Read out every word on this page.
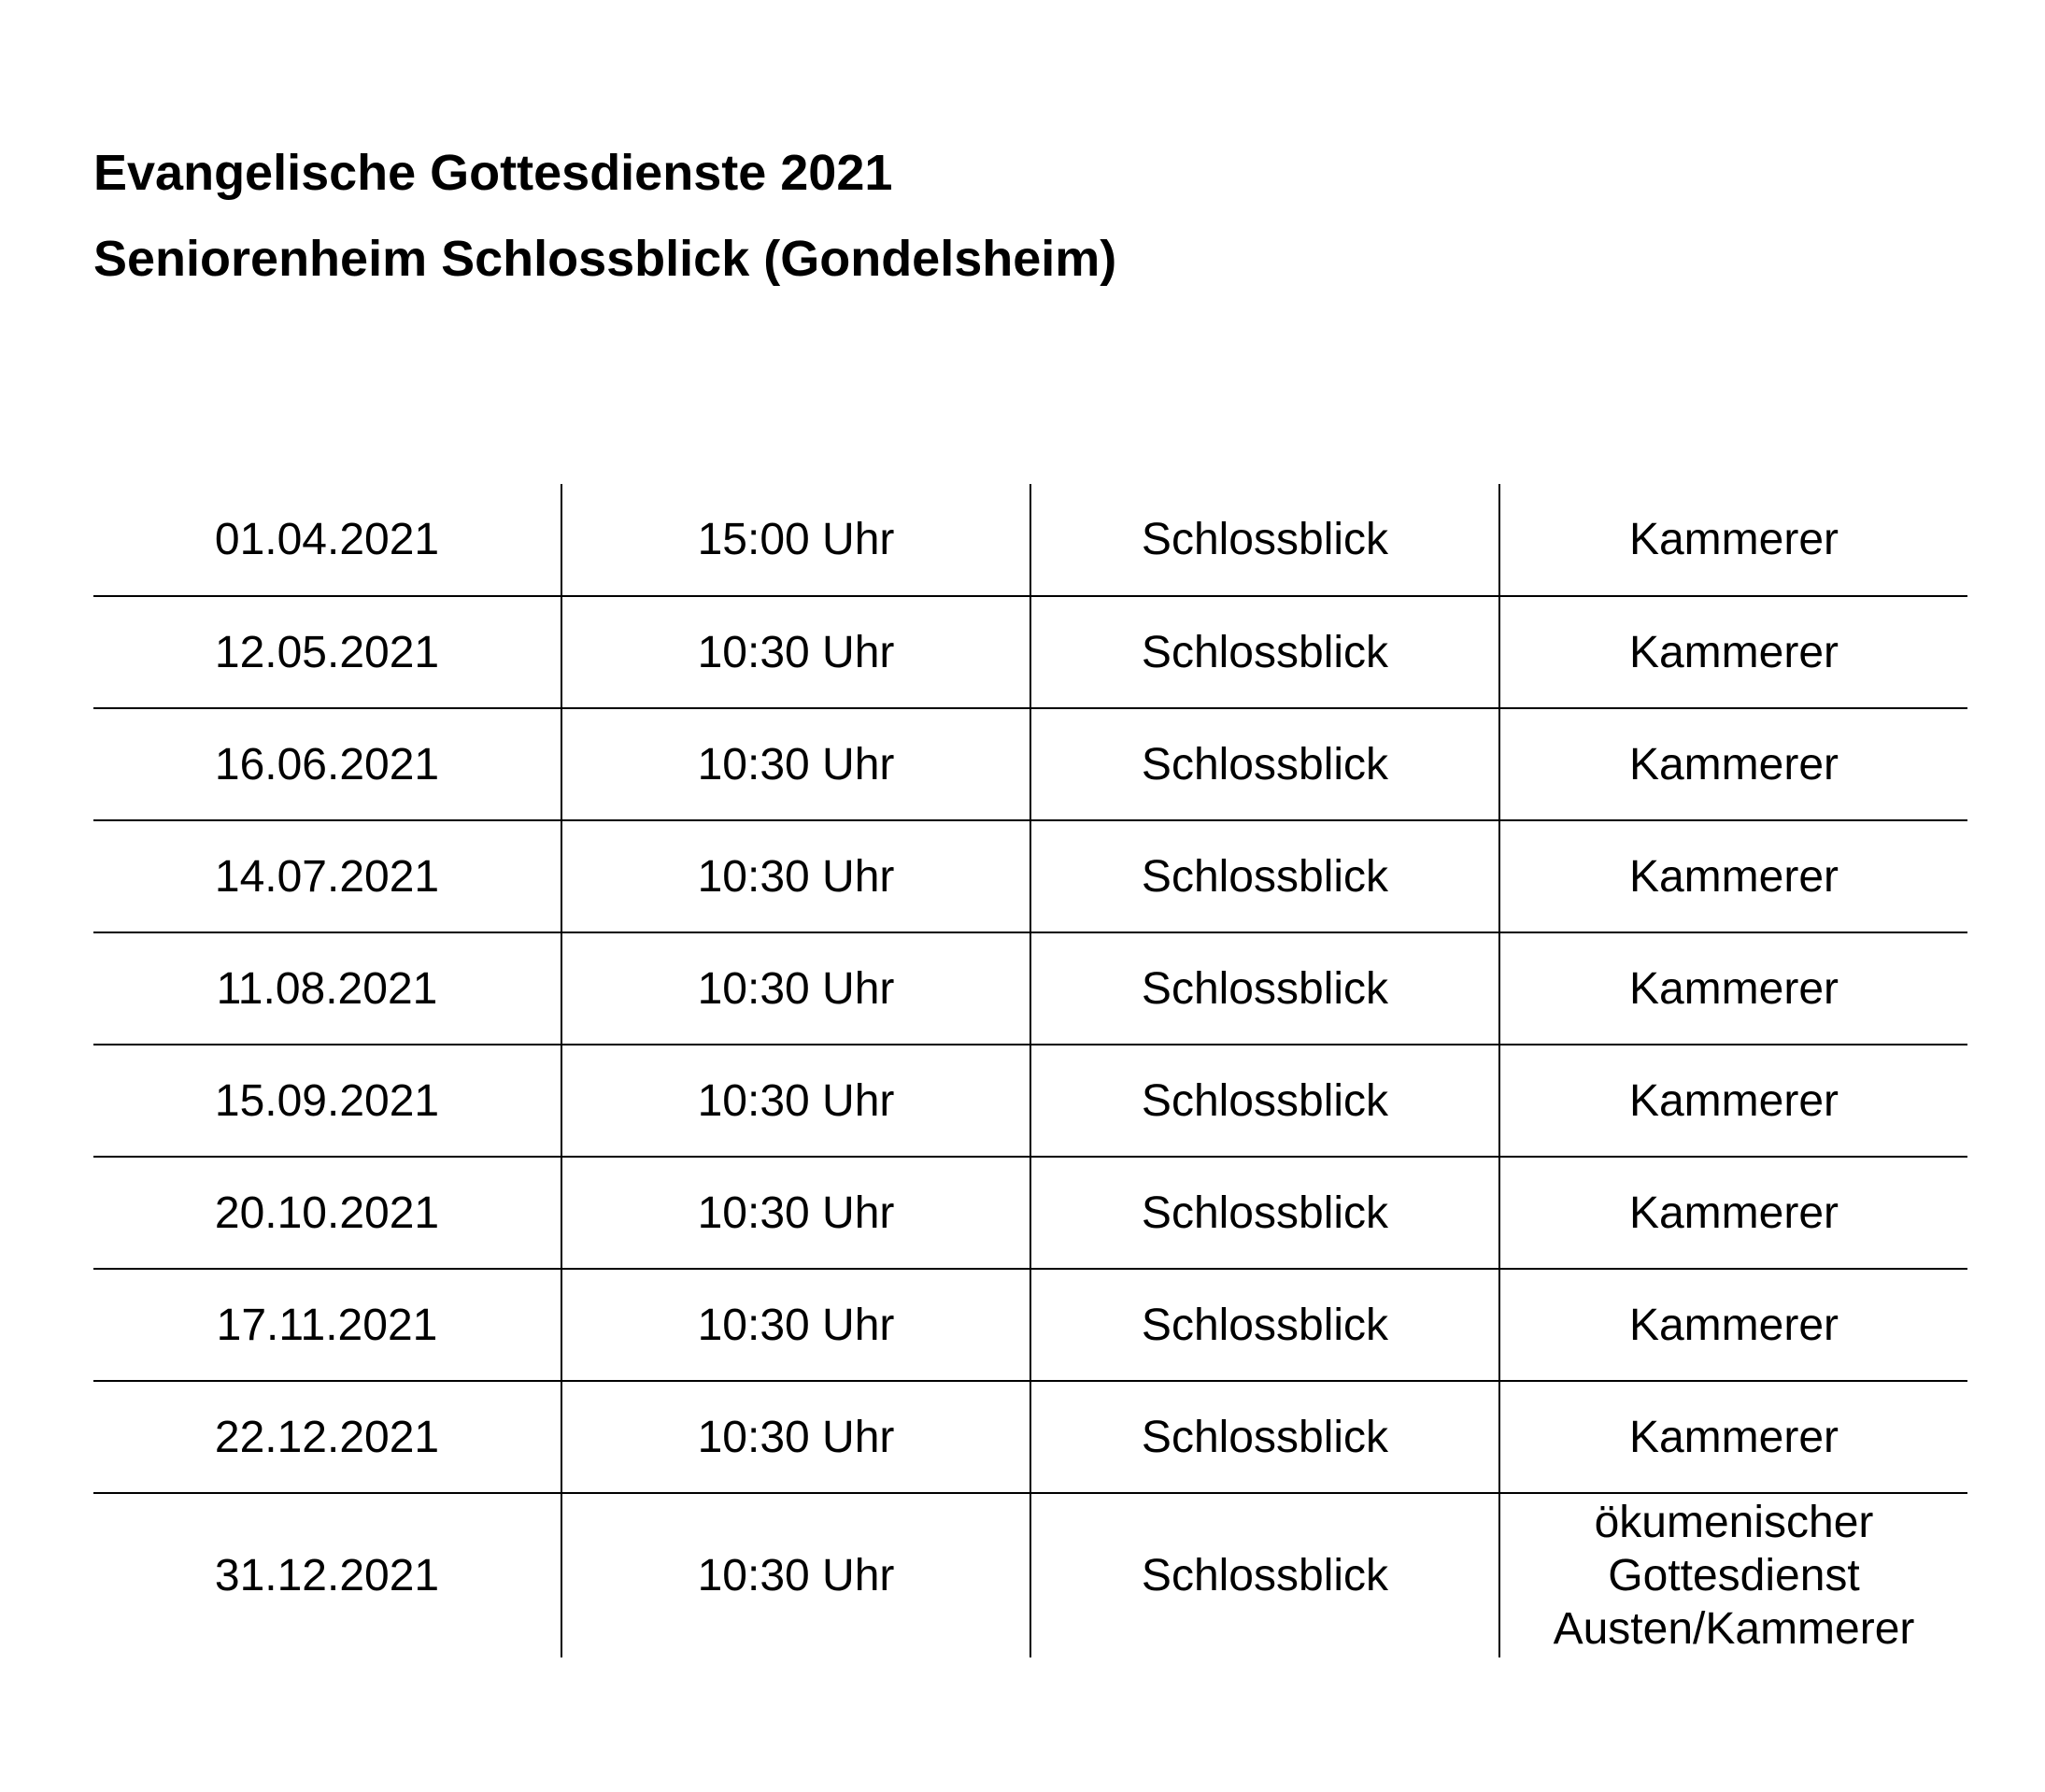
Evangelische Gottesdienste 2021
Seniorenheim Schlossblick (Gondelsheim)
01.04.2021	15:00 Uhr	Schlossblick	Kammerer
12.05.2021	10:30 Uhr	Schlossblick	Kammerer
16.06.2021	10:30 Uhr	Schlossblick	Kammerer
14.07.2021	10:30 Uhr	Schlossblick	Kammerer
11.08.2021	10:30 Uhr	Schlossblick	Kammerer
15.09.2021	10:30 Uhr	Schlossblick	Kammerer
20.10.2021	10:30 Uhr	Schlossblick	Kammerer
17.11.2021	10:30 Uhr	Schlossblick	Kammerer
22.12.2021	10:30 Uhr	Schlossblick	Kammerer
31.12.2021	10:30 Uhr	Schlossblick	ökumenischer
Gottesdienst
Austen/Kammerer
